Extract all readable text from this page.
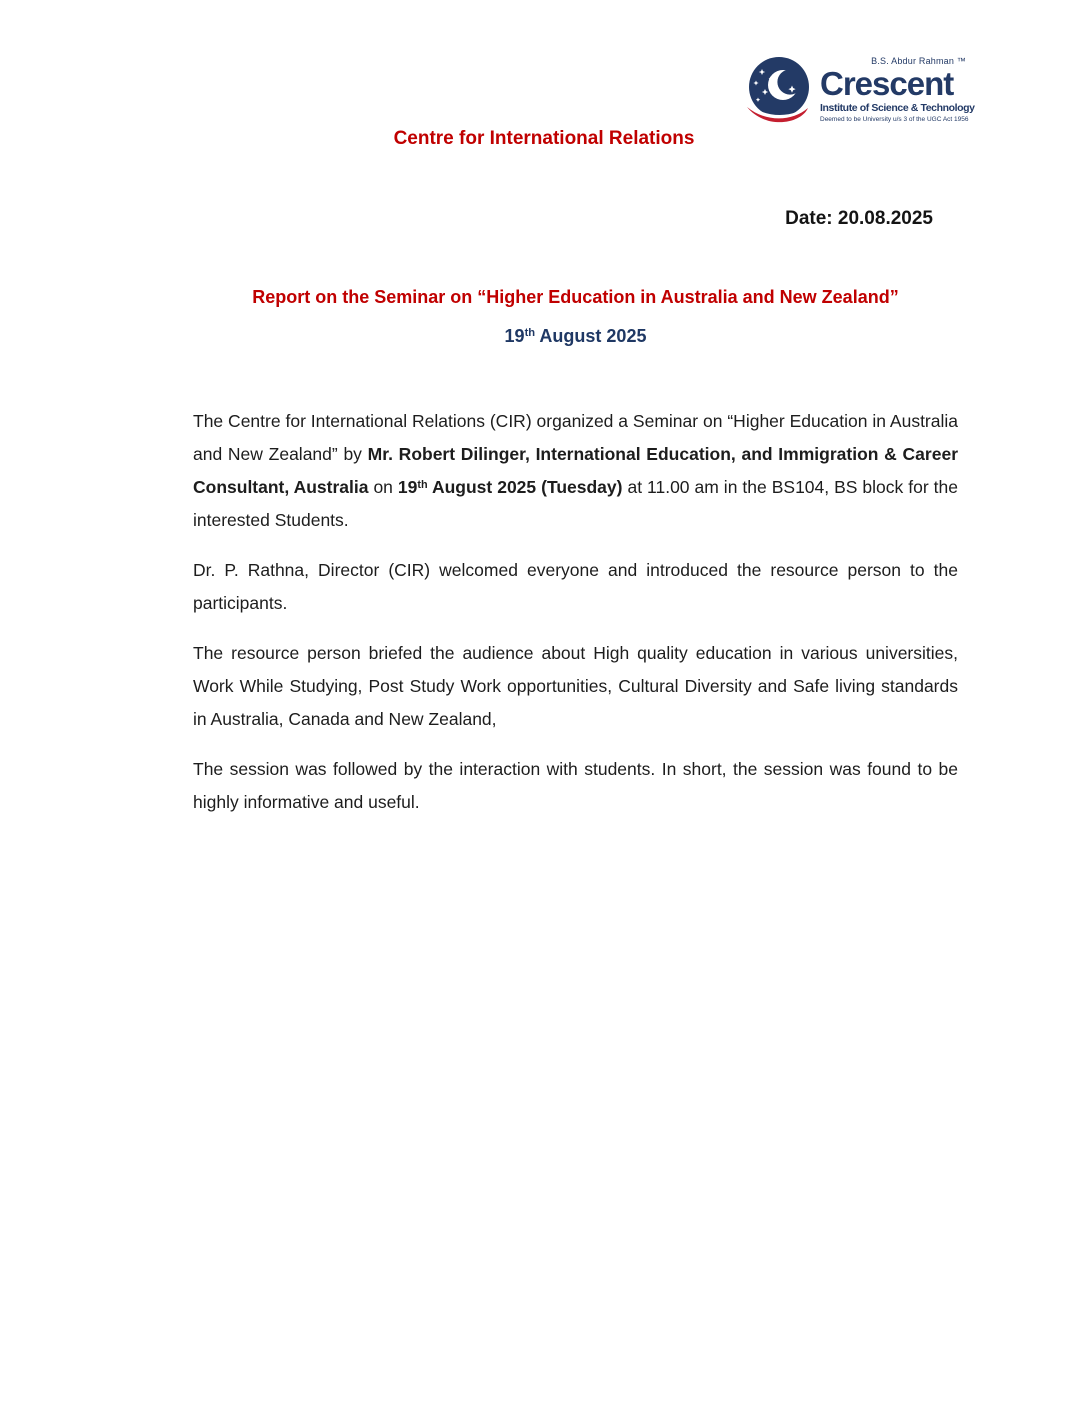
B.S. Abdur Rahman ™
Crescent
Institute of Science & Technology
Deemed to be University u/s 3 of the UGC Act 1956
Centre for International Relations
Date: 20.08.2025
Report on the Seminar on “Higher Education in Australia and New Zealand”
19th August 2025

The Centre for International Relations (CIR) organized a Seminar on “Higher Education in Australia and New Zealand” by Mr. Robert Dilinger, International Education, and Immigration & Career Consultant, Australia on 19th August 2025 (Tuesday) at 11.00 am in the BS104, BS block for the interested Students.

Dr. P. Rathna, Director (CIR) welcomed everyone and introduced the resource person to the participants.

The resource person briefed the audience about High quality education in various universities, Work While Studying, Post Study Work opportunities, Cultural Diversity and Safe living standards in Australia, Canada and New Zealand,

The session was followed by the interaction with students. In short, the session was found to be highly informative and useful.
